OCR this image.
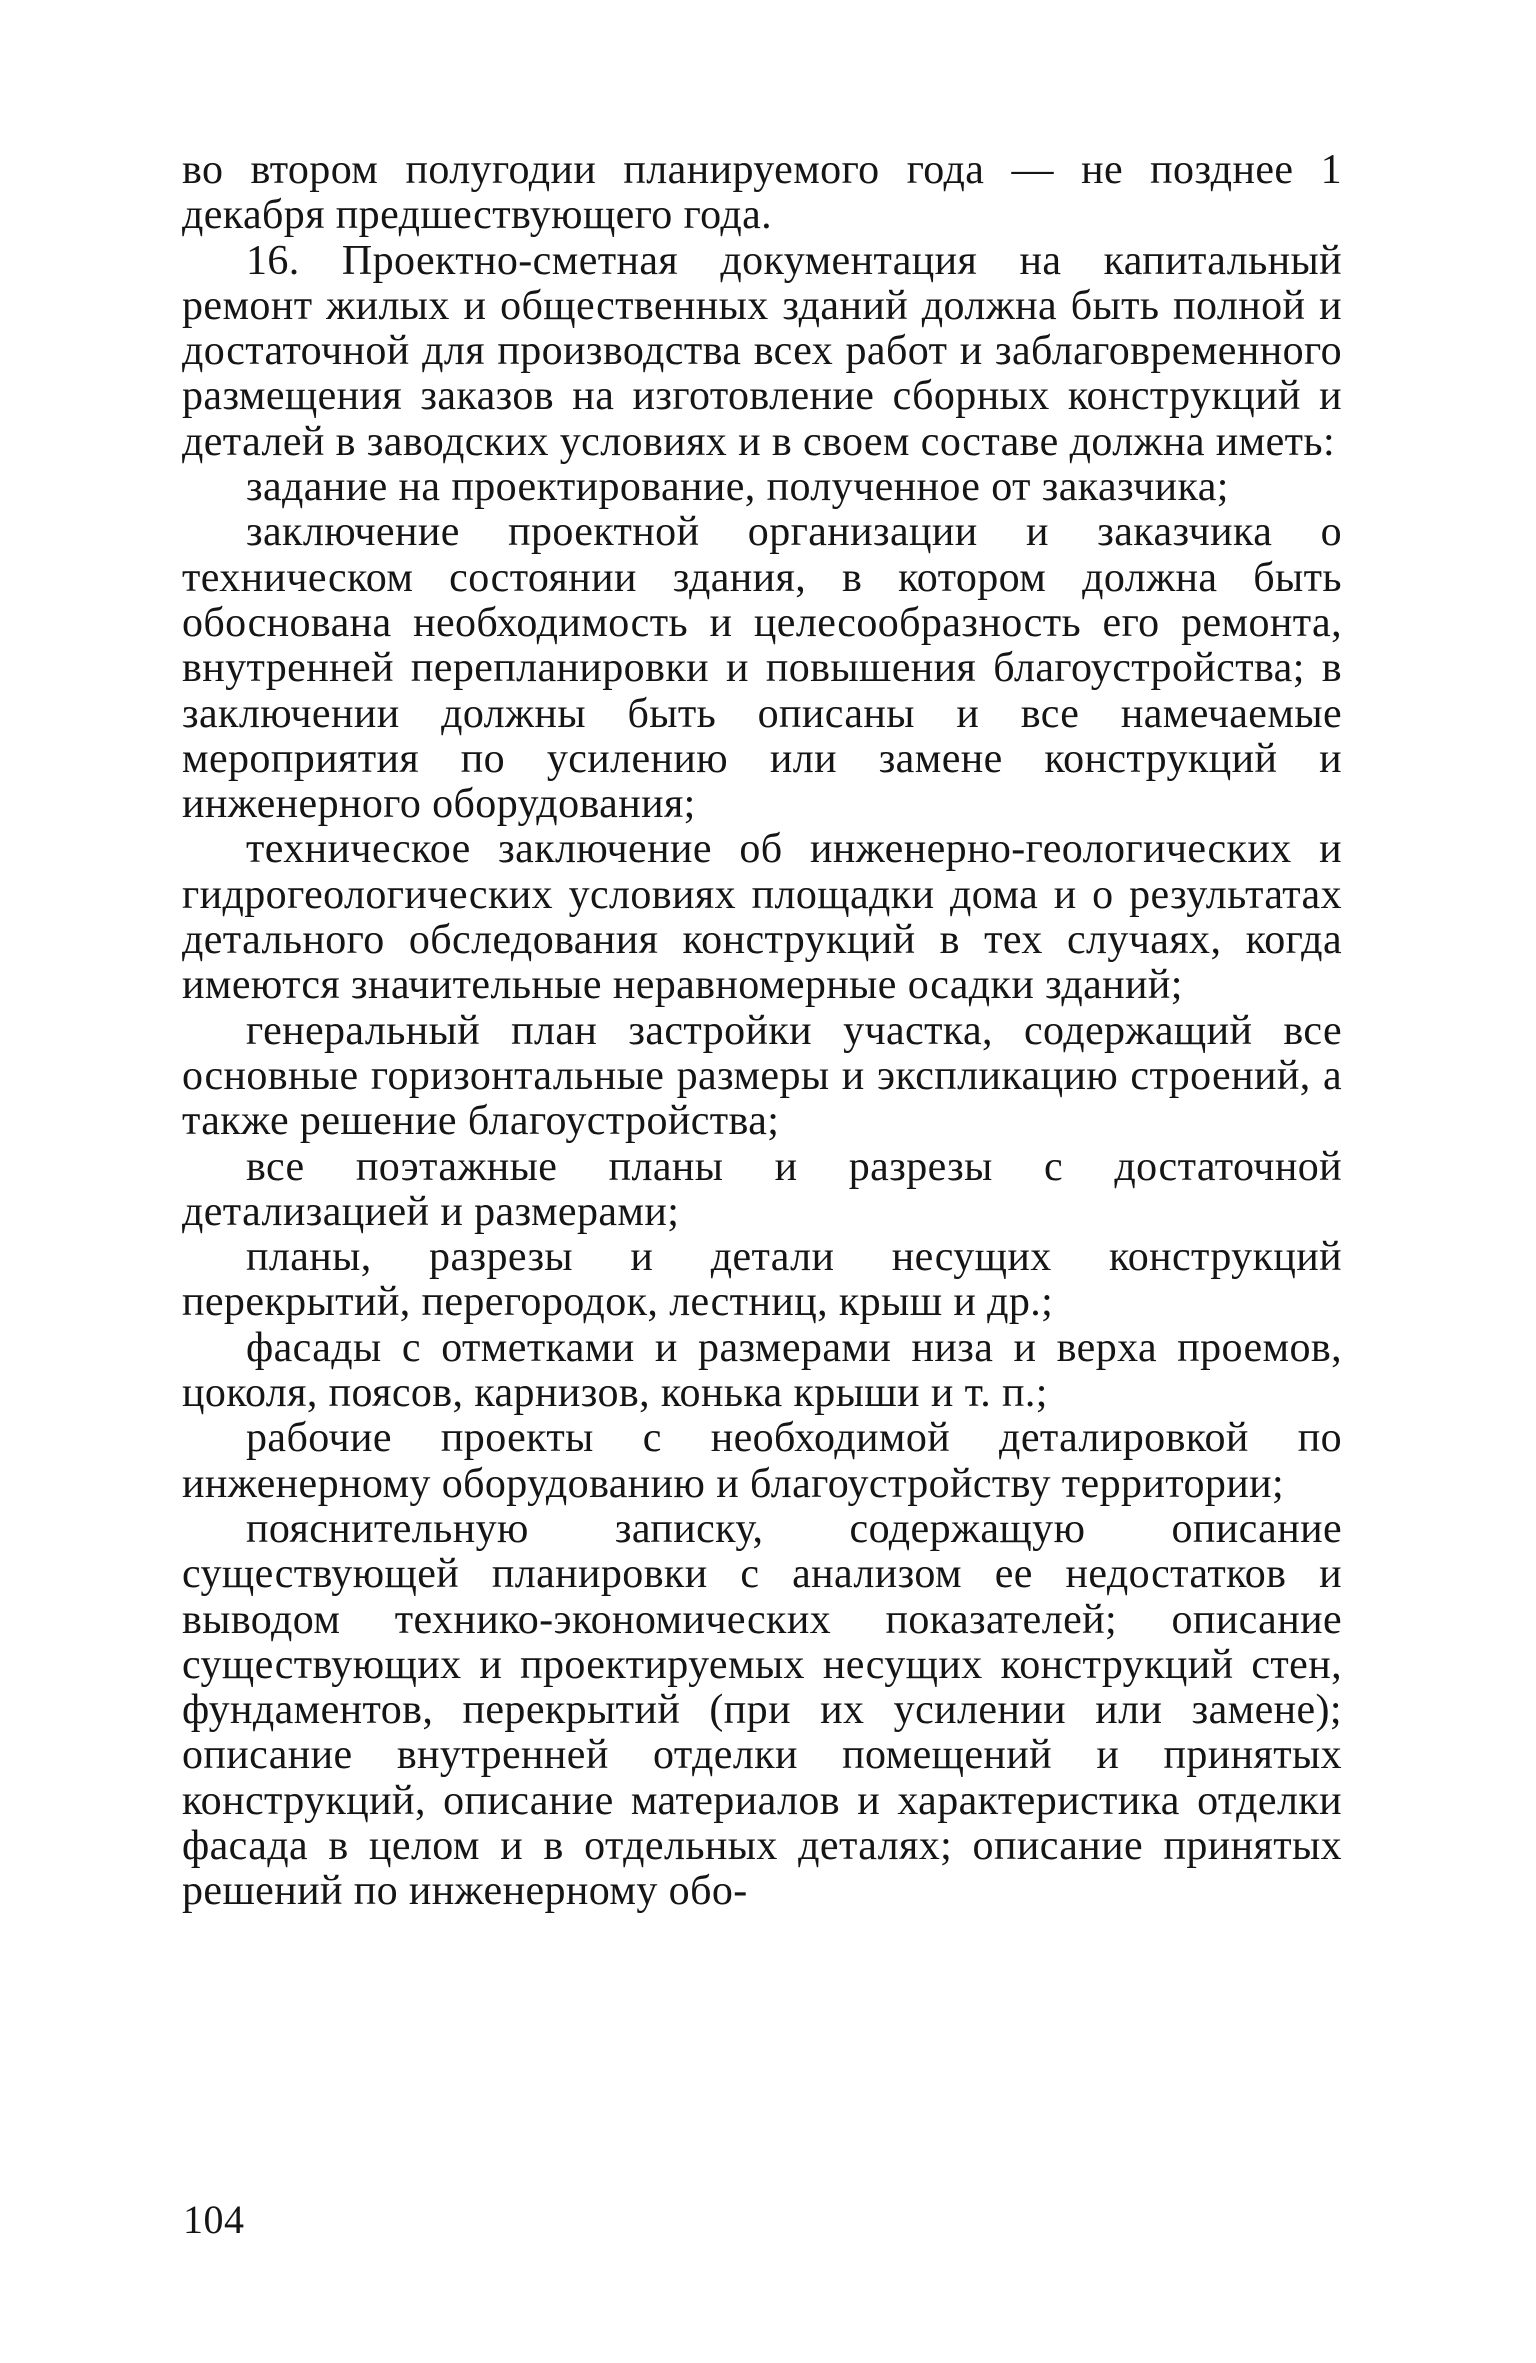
во втором полугодии планируемого года — не позднее 1 декабря предшествующего года.

16. Проектно-сметная документация на капитальный ремонт жилых и общественных зданий должна быть полной и достаточной для производства всех работ и заблаговременного размещения заказов на изготовление сборных конструкций и деталей в заводских условиях и в своем составе должна иметь:

задание на проектирование, полученное от заказчика;

заключение проектной организации и заказчика о техническом состоянии здания, в котором должна быть обоснована необходимость и целесообразность его ремонта, внутренней перепланировки и повышения благоустройства; в заключении должны быть описаны и все намечаемые мероприятия по усилению или замене конструкций и инженерного оборудования;

техническое заключение об инженерно-геологических и гидрогеологических условиях площадки дома и о результатах детального обследования конструкций в тех случаях, когда имеются значительные неравномерные осадки зданий;

генеральный план застройки участка, содержащий все основные горизонтальные размеры и экспликацию строений, а также решение благоустройства;

все поэтажные планы и разрезы с достаточной детализацией и размерами;

планы, разрезы и детали несущих конструкций перекрытий, перегородок, лестниц, крыш и др.;

фасады с отметками и размерами низа и верха проемов, цоколя, поясов, карнизов, конька крыши и т. п.;

рабочие проекты с необходимой деталировкой по инженерному оборудованию и благоустройству территории;

пояснительную записку, содержащую описание существующей планировки с анализом ее недостатков и выводом технико-экономических показателей; описание существующих и проектируемых несущих конструкций стен, фундаментов, перекрытий (при их усилении или замене); описание внутренней отделки помещений и принятых конструкций, описание материалов и характеристика отделки фасада в целом и в отдельных деталях; описание принятых решений по инженерному обо-

104
